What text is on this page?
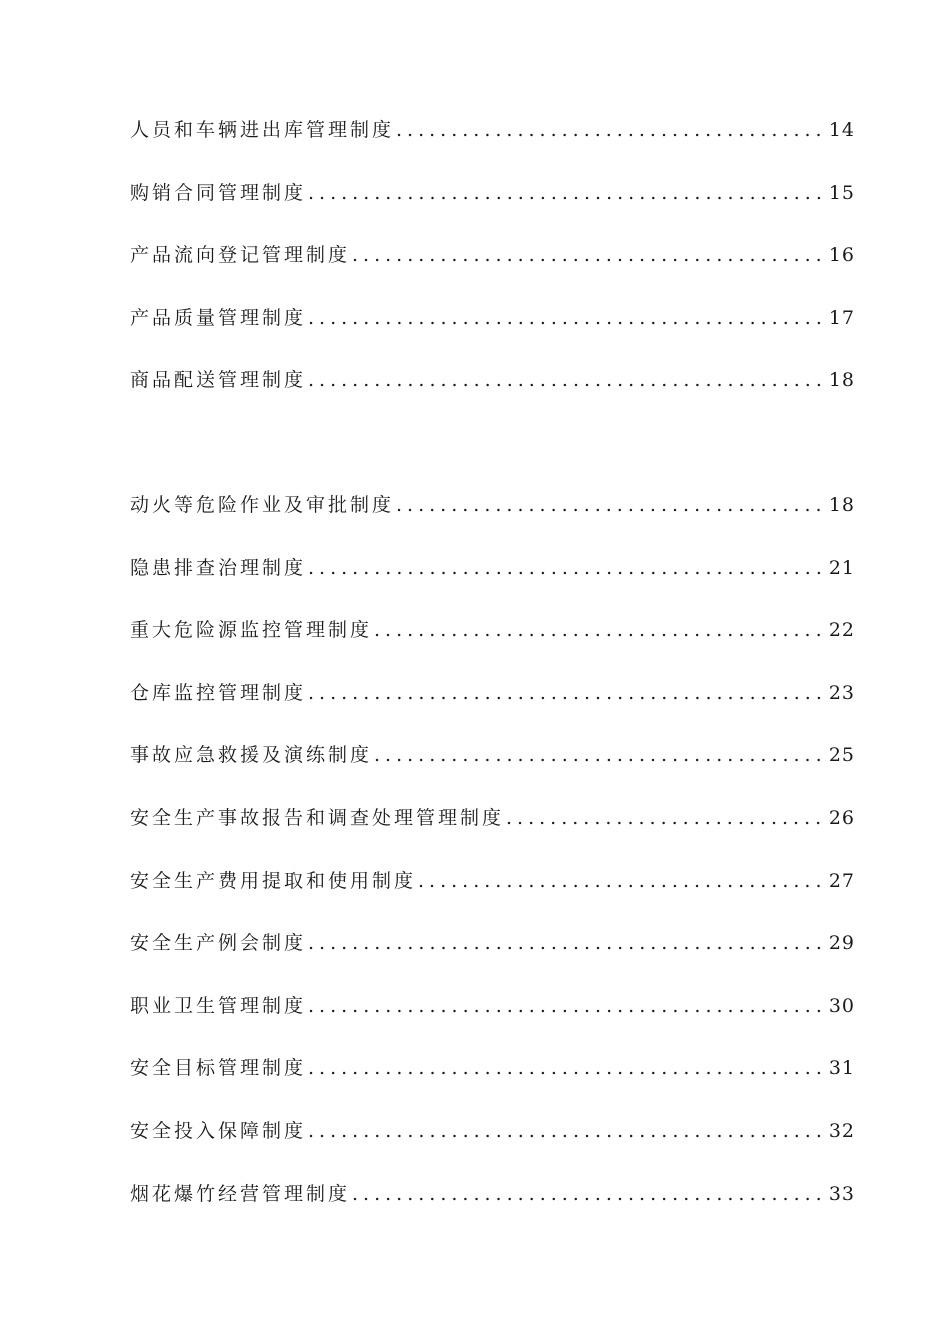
人员和车辆进出库管理制度 .....	14
购销合同管理制度 .....	15
产品流向登记管理制度 .....	16
产品质量管理制度 .....	17
商品配送管理制度 .....	18
动火等危险作业及审批制度 .....	18
隐患排查治理制度 .....	21
重大危险源监控管理制度 .....	22
仓库监控管理制度 .....	23
事故应急救援及演练制度 .....	25
安全生产事故报告和调查处理管理制度 .....	26
安全生产费用提取和使用制度 .....	27
安全生产例会制度 .....	29
职业卫生管理制度 .....	30
安全目标管理制度 .....	31
安全投入保障制度 .....	32
烟花爆竹经营管理制度 .....	33
